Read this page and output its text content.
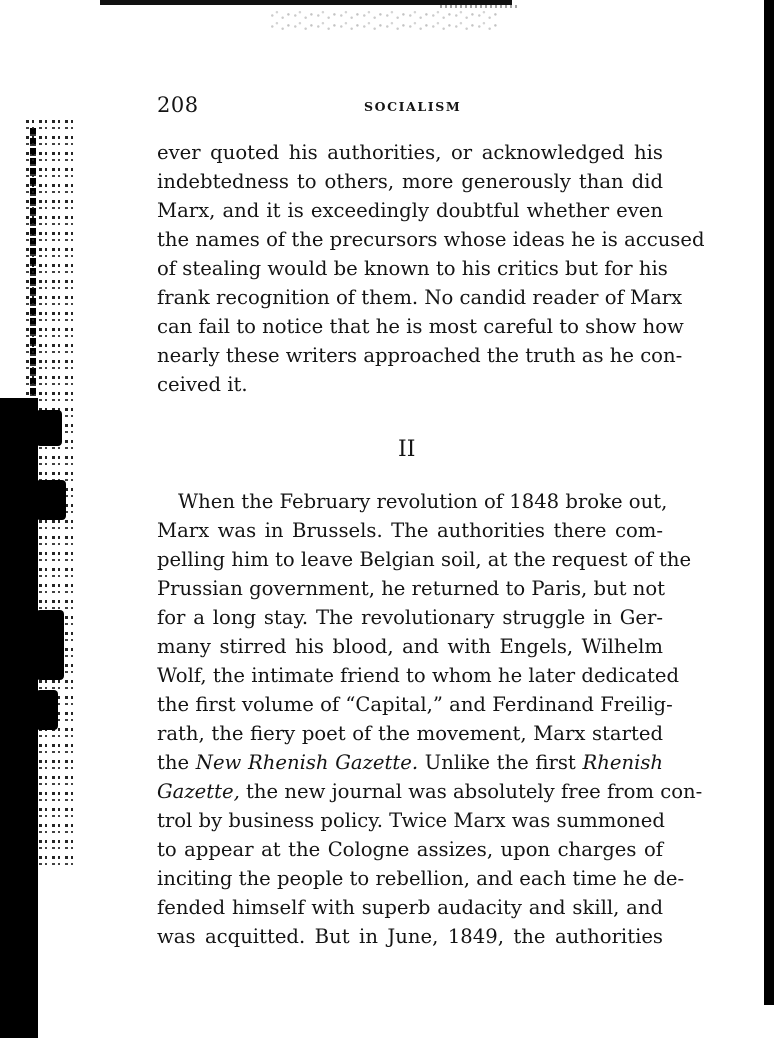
208	SOCIALISM
ever quoted his authorities, or acknowledged his
indebtedness to others, more generously than did
Marx, and it is exceedingly doubtful whether even
the names of the precursors whose ideas he is accused
of stealing would be known to his critics but for his
frank recognition of them. No candid reader of Marx
can fail to notice that he is most careful to show how
nearly these writers approached the truth as he con-
ceived it.
II
When the February revolution of 1848 broke out,
Marx was in Brussels. The authorities there com-
pelling him to leave Belgian soil, at the request of the
Prussian government, he returned to Paris, but not
for a long stay. The revolutionary struggle in Ger-
many stirred his blood, and with Engels, Wilhelm
Wolf, the intimate friend to whom he later dedicated
the first volume of “Capital,” and Ferdinand Freilig-
rath, the fiery poet of the movement, Marx started
the New Rhenish Gazette. Unlike the first Rhenish
Gazette, the new journal was absolutely free from con-
trol by business policy. Twice Marx was summoned
to appear at the Cologne assizes, upon charges of
inciting the people to rebellion, and each time he de-
fended himself with superb audacity and skill, and
was acquitted. But in June, 1849, the authorities
